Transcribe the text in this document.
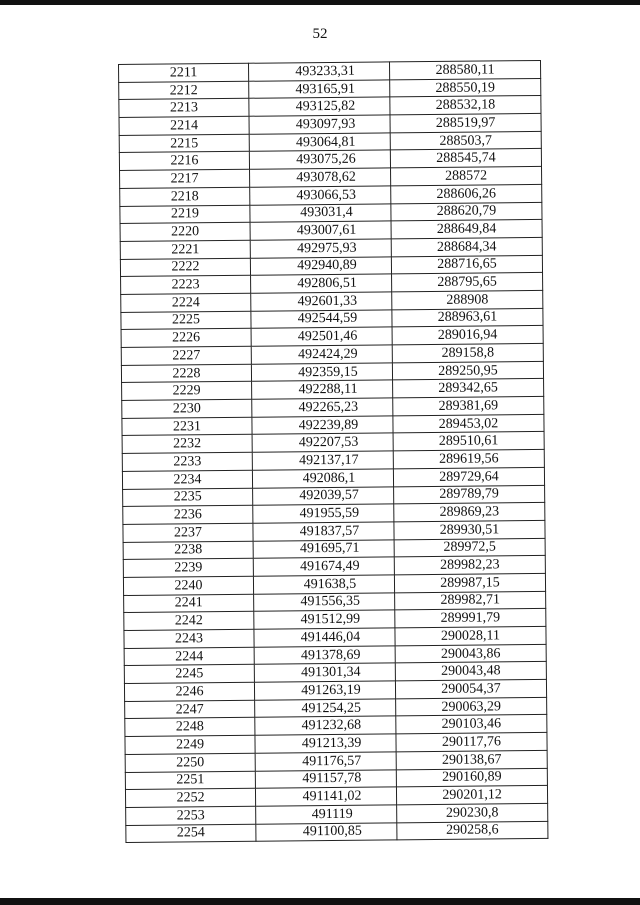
52
2211	493233,31	288580,11
2212	493165,91	288550,19
2213	493125,82	288532,18
2214	493097,93	288519,97
2215	493064,81	288503,7
2216	493075,26	288545,74
2217	493078,62	288572
2218	493066,53	288606,26
2219	493031,4	288620,79
2220	493007,61	288649,84
2221	492975,93	288684,34
2222	492940,89	288716,65
2223	492806,51	288795,65
2224	492601,33	288908
2225	492544,59	288963,61
2226	492501,46	289016,94
2227	492424,29	289158,8
2228	492359,15	289250,95
2229	492288,11	289342,65
2230	492265,23	289381,69
2231	492239,89	289453,02
2232	492207,53	289510,61
2233	492137,17	289619,56
2234	492086,1	289729,64
2235	492039,57	289789,79
2236	491955,59	289869,23
2237	491837,57	289930,51
2238	491695,71	289972,5
2239	491674,49	289982,23
2240	491638,5	289987,15
2241	491556,35	289982,71
2242	491512,99	289991,79
2243	491446,04	290028,11
2244	491378,69	290043,86
2245	491301,34	290043,48
2246	491263,19	290054,37
2247	491254,25	290063,29
2248	491232,68	290103,46
2249	491213,39	290117,76
2250	491176,57	290138,67
2251	491157,78	290160,89
2252	491141,02	290201,12
2253	491119	290230,8
2254	491100,85	290258,6
